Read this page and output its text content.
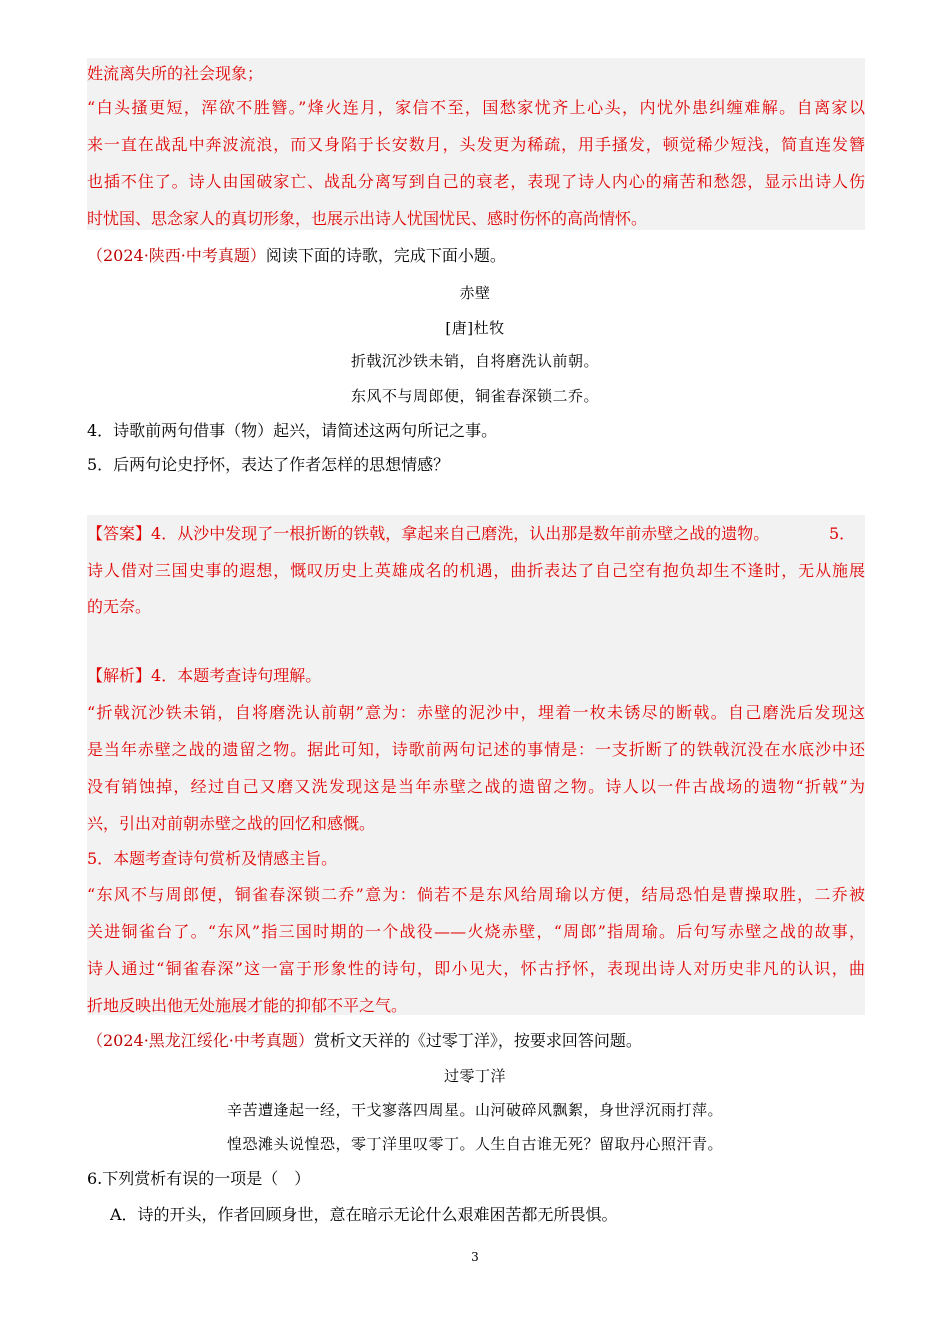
姓流离失所的社会现象；
“白头搔更短，浑欲不胜簪。”烽火连月，家信不至，国愁家忧齐上心头，内忧外患纠缠难解。自离家以
来一直在战乱中奔波流浪，而又身陷于长安数月，头发更为稀疏，用手搔发，顿觉稀少短浅，简直连发簪
也插不住了。诗人由国破家亡、战乱分离写到自己的衰老，表现了诗人内心的痛苦和愁怨，显示出诗人伤
时忧国、思念家人的真切形象，也展示出诗人忧国忧民、感时伤怀的高尚情怀。
（2024·陕西·中考真题）阅读下面的诗歌，完成下面小题。
赤壁
[唐]杜牧
折戟沉沙铁未销，自将磨洗认前朝。
东风不与周郎便，铜雀春深锁二乔。
4．诗歌前两句借事（物）起兴，请简述这两句所记之事。
5．后两句论史抒怀，表达了作者怎样的思想情感？
【答案】4．从沙中发现了一根折断的铁戟，拿起来自己磨洗，认出那是数年前赤壁之战的遗物。	5．
诗人借对三国史事的遐想，慨叹历史上英雄成名的机遇，曲折表达了自己空有抱负却生不逢时，无从施展
的无奈。
【解析】4．本题考查诗句理解。
“折戟沉沙铁未销，自将磨洗认前朝”意为：赤壁的泥沙中，埋着一枚未锈尽的断戟。自己磨洗后发现这
是当年赤壁之战的遗留之物。据此可知，诗歌前两句记述的事情是：一支折断了的铁戟沉没在水底沙中还
没有销蚀掉，经过自己又磨又洗发现这是当年赤壁之战的遗留之物。诗人以一件古战场的遗物“折戟”为
兴，引出对前朝赤壁之战的回忆和感慨。
5．本题考查诗句赏析及情感主旨。
“东风不与周郎便，铜雀春深锁二乔”意为：倘若不是东风给周瑜以方便，结局恐怕是曹操取胜，二乔被
关进铜雀台了。“东风”指三国时期的一个战役——火烧赤壁，“周郎”指周瑜。后句写赤壁之战的故事，
诗人通过“铜雀春深”这一富于形象性的诗句，即小见大，怀古抒怀，表现出诗人对历史非凡的认识，曲
折地反映出他无处施展才能的抑郁不平之气。
（2024·黑龙江绥化·中考真题）赏析文天祥的《过零丁洋》，按要求回答问题。
过零丁洋
辛苦遭逢起一经，干戈寥落四周星。山河破碎风飘絮，身世浮沉雨打萍。
惶恐滩头说惶恐，零丁洋里叹零丁。人生自古谁无死？留取丹心照汗青。
6.下列赏析有误的一项是（　）
A．诗的开头，作者回顾身世，意在暗示无论什么艰难困苦都无所畏惧。
3
